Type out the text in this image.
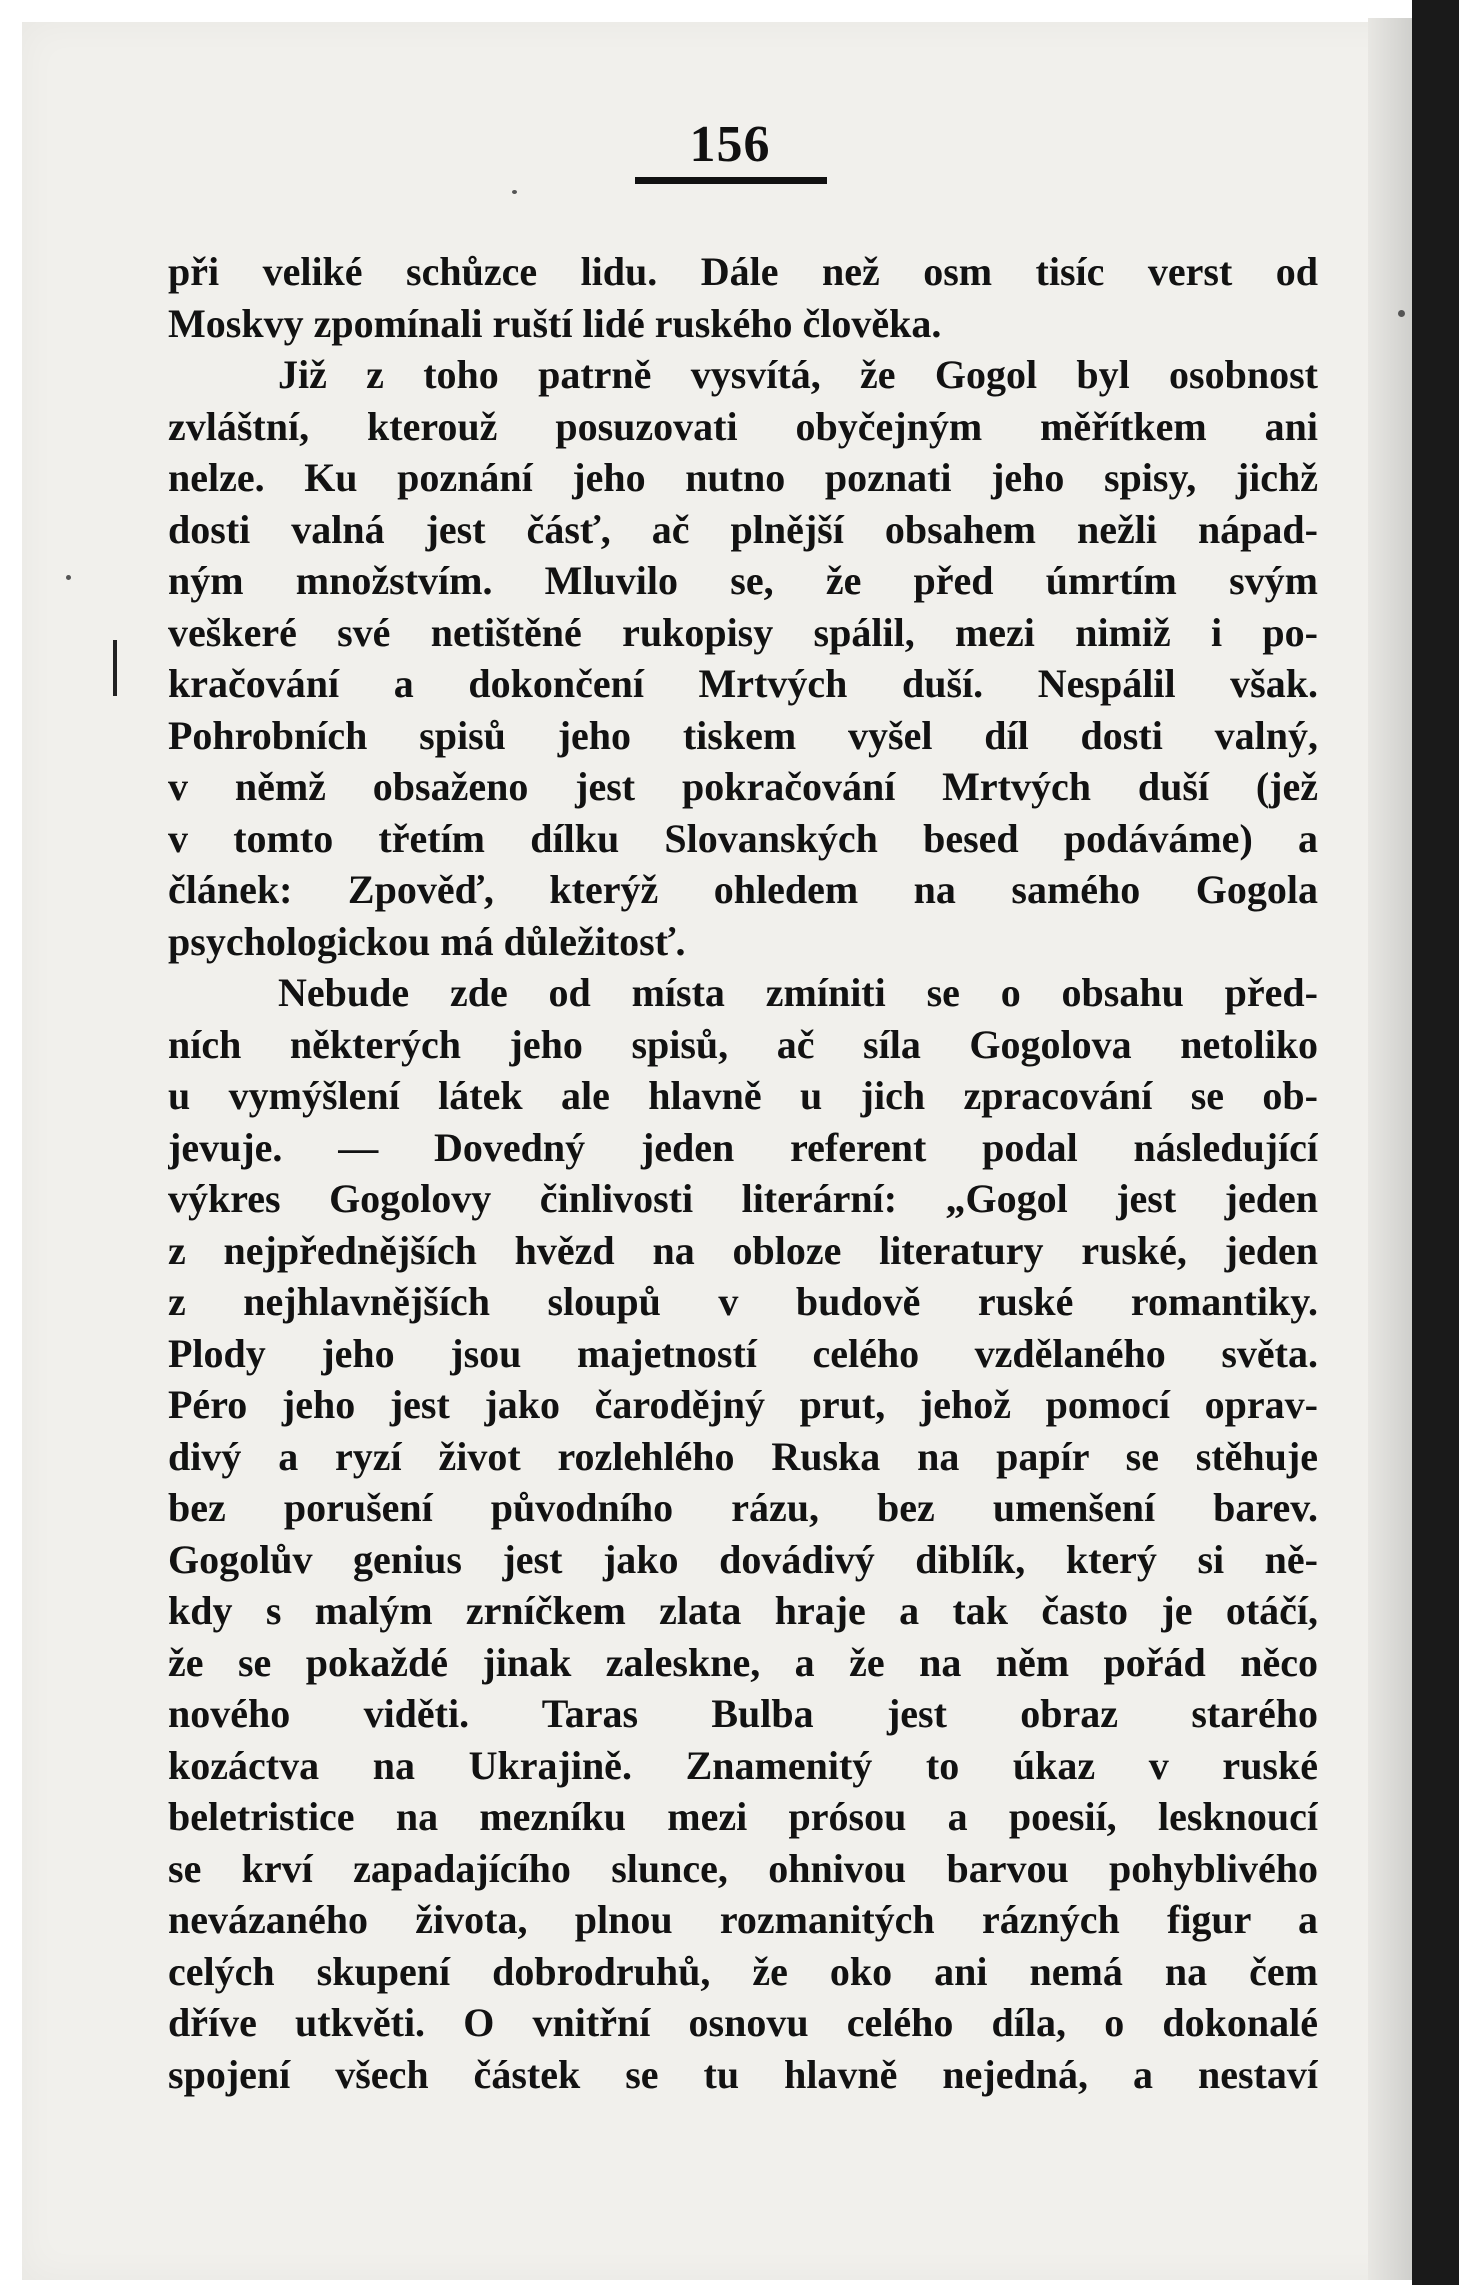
156
při veliké schůzce lidu. Dále než osm tisíc verst od
Moskvy zpomínali ruští lidé ruského člověka.
Již z toho patrně vysvítá, že Gogol byl osobnost
zvláštní, kterouž posuzovati obyčejným měřítkem ani
nelze. Ku poznání jeho nutno poznati jeho spisy, jichž
dosti valná jest čásť, ač plnější obsahem nežli nápad-
ným množstvím. Mluvilo se, že před úmrtím svým
veškeré své netištěné rukopisy spálil, mezi nimiž i po-
kračování a dokončení Mrtvých duší. Nespálil však.
Pohrobních spisů jeho tiskem vyšel díl dosti valný,
v němž obsaženo jest pokračování Mrtvých duší (jež
v tomto třetím dílku Slovanských besed podáváme) a
článek: Zpověď, kterýž ohledem na samého Gogola
psychologickou má důležitosť.
Nebude zde od místa zmíniti se o obsahu před-
ních některých jeho spisů, ač síla Gogolova netoliko
u vymýšlení látek ale hlavně u jich zpracování se ob-
jevuje. — Dovedný jeden referent podal následující
výkres Gogolovy činlivosti literární: „Gogol jest jeden
z nejpřednějších hvězd na obloze literatury ruské, jeden
z nejhlavnějších sloupů v budově ruské romantiky.
Plody jeho jsou majetností celého vzdělaného světa.
Péro jeho jest jako čarodějný prut, jehož pomocí oprav-
divý a ryzí život rozlehlého Ruska na papír se stěhuje
bez porušení původního rázu, bez umenšení barev.
Gogolův genius jest jako dovádivý diblík, který si ně-
kdy s malým zrníčkem zlata hraje a tak často je otáčí,
že se pokaždé jinak zaleskne, a že na něm pořád něco
nového viděti. Taras Bulba jest obraz starého
kozáctva na Ukrajině. Znamenitý to úkaz v ruské
beletristice na mezníku mezi prósou a poesií, lesknoucí
se krví zapadajícího slunce, ohnivou barvou pohyblivého
nevázaného života, plnou rozmanitých rázných figur a
celých skupení dobrodruhů, že oko ani nemá na čem
dříve utkvěti. O vnitřní osnovu celého díla, o dokonalé
spojení všech částek se tu hlavně nejedná, a nestaví
